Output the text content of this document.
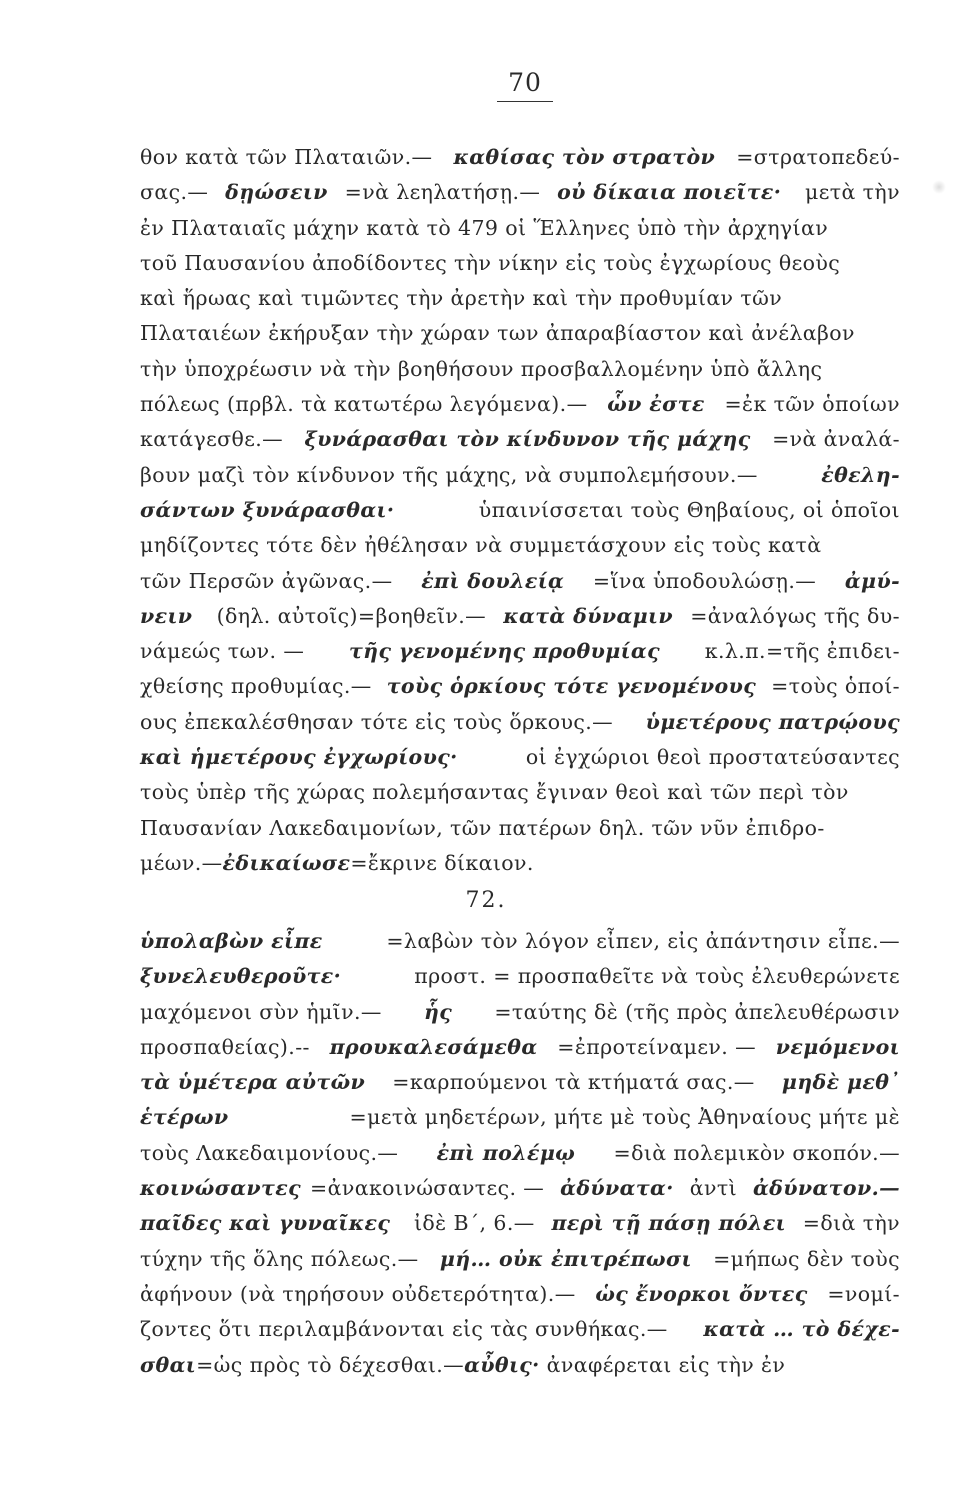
70
θον κατὰ τῶν Πλαταιῶν.— καθίσας τὸν στρατὸν =στρατοπεδεύ-
σας.— δῃώσειν =νὰ λεηλατήσῃ.— οὐ δίκαια ποιεῖτε· μετὰ τὴν
ἐν Πλαταιαῖς μάχην κατὰ τὸ 479 οἱ Ἕλληνες ὑπὸ τὴν ἀρχηγίαν
τοῦ Παυσανίου ἀποδίδοντες τὴν νίκην εἰς τοὺς ἐγχωρίους θεοὺς
καὶ ἥρωας καὶ τιμῶντες τὴν ἀρετὴν καὶ τὴν προθυμίαν τῶν
Πλαταιέων ἐκήρυξαν τὴν χώραν των ἀπαραβίαστον καὶ ἀνέλαβον
τὴν ὑποχρέωσιν νὰ τὴν βοηθήσουν προσβαλλομένην ὑπὸ ἄλλης
πόλεως (πρβλ. τὰ κατωτέρω λεγόμενα).— ὧν ἐστε =ἐκ τῶν ὁποίων
κατάγεσθε.— ξυνάρασθαι τὸν κίνδυνον τῆς μάχης =νὰ ἀναλά-
βουν μαζὶ τὸν κίνδυνον τῆς μάχης, νὰ συμπολεμήσουν.—	ἐθελη-
σάντων ξυνάρασθαι·	ὑπαινίσσεται τοὺς Θηβαίους, οἱ ὁποῖοι
μηδίζοντες τότε δὲν ἠθέλησαν νὰ συμμετάσχουν εἰς τοὺς κατὰ
τῶν Περσῶν ἀγῶνας.— ἐπὶ δουλείᾳ =ἵνα ὑποδουλώσῃ.— ἀμύ-
νειν (δηλ. αὐτοῖς)=βοηθεῖν.— κατὰ δύναμιν =ἀναλόγως τῆς δυ-
νάμεώς των. — τῆς γενομένης προθυμίας κ.λ.π.=τῆς ἐπιδει-
χθείσης προθυμίας.— τοὺς ὁρκίους τότε γενομένους =τοὺς ὁποί-
ους ἐπεκαλέσθησαν τότε εἰς τοὺς ὅρκους.— ὑμετέρους πατρῴους
καὶ ἡμετέρους ἐγχωρίους·	οἱ ἐγχώριοι θεοὶ προστατεύσαντες
τοὺς ὑπὲρ τῆς χώρας πολεμήσαντας ἔγιναν θεοὶ καὶ τῶν περὶ τὸν
Παυσανίαν Λακεδαιμονίων, τῶν πατέρων δηλ. τῶν νῦν ἐπιδρο-
μέων.— ἐδικαίωσε =ἔκρινε δίκαιον.
72.
ὑπολαβὼν εἶπε	=λαβὼν τὸν λόγον εἶπεν, εἰς ἀπάντησιν εἶπε.—
ξυνελευθεροῦτε·	προστ. = προσπαθεῖτε νὰ τοὺς ἐλευθερώνετε
μαχόμενοι σὺν ἡμῖν.— ἧς =ταύτης δὲ (τῆς πρὸς ἀπελευθέρωσιν
προσπαθείας).-- προυκαλεσάμεθα =ἐπροτείναμεν. — νεμόμενοι
τὰ ὑμέτερα αὐτῶν =καρπούμενοι τὰ κτήματά σας.— μηδὲ μεθ᾽
ἑτέρων	=μετὰ μηδετέρων, μήτε μὲ τοὺς Ἀθηναίους μήτε μὲ
τοὺς Λακεδαιμονίους.— ἐπὶ πολέμῳ =διὰ πολεμικὸν σκοπόν.—
κοινώσαντες =ἀνακοινώσαντες. — ἀδύνατα· ἀντὶ ἀδύνατον.—
παῖδες καὶ γυναῖκες ἰδὲ Β΄, 6.— περὶ τῇ πάσῃ πόλει =διὰ τὴν
τύχην τῆς ὅλης πόλεως.— μή… οὐκ ἐπιτρέπωσι =μήπως δὲν τοὺς
ἀφήνουν (νὰ τηρήσουν οὐδετερότητα).— ὡς ἔνορκοι ὄντες =νομί-
ζοντες ὅτι περιλαμβάνονται εἰς τὰς συνθήκας.— κατὰ … τὸ δέχε-
σθαι =ὡς πρὸς τὸ δέχεσθαι.— αὖθις· ἀναφέρεται εἰς τὴν ἐν
